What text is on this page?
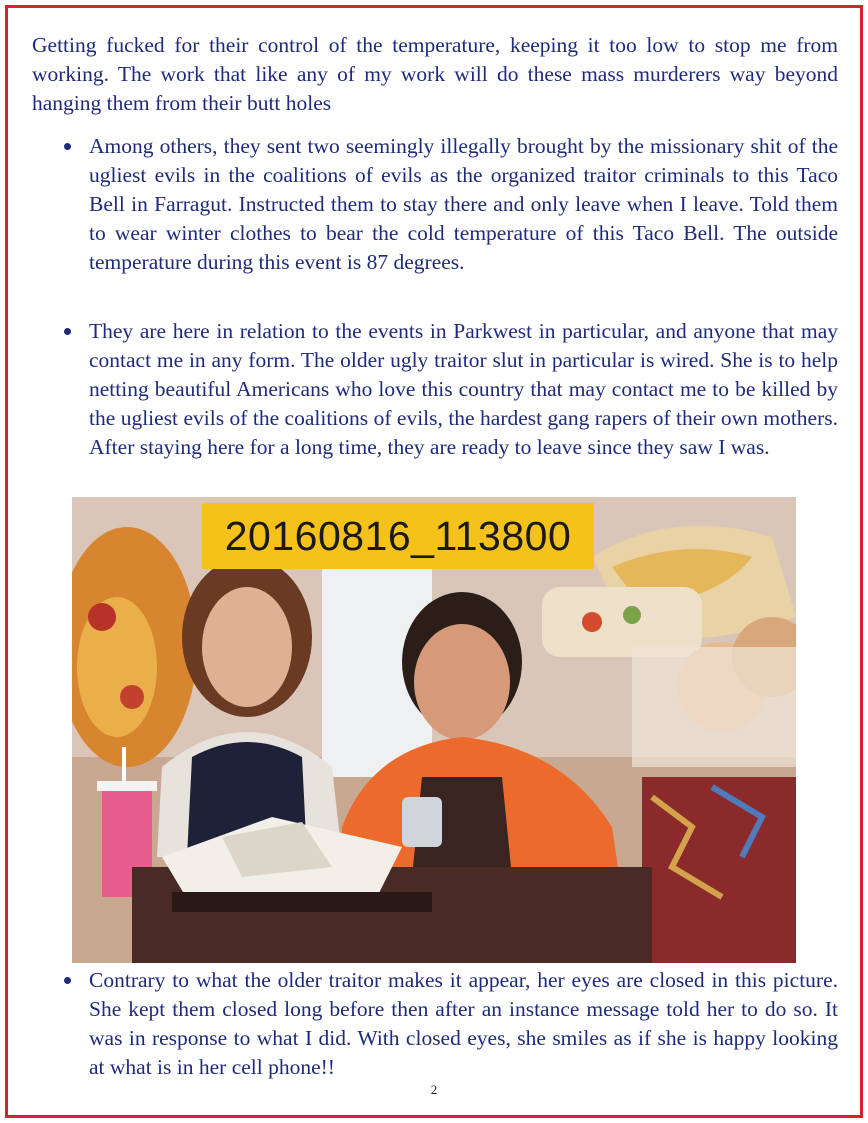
Getting fucked for their control of the temperature, keeping it too low to stop me from working. The work that like any of my work will do these mass murderers way beyond hanging them from their butt holes

Among others, they sent two seemingly illegally brought by the missionary shit of the ugliest evils in the coalitions of evils as the organized traitor criminals to this Taco Bell in Farragut. Instructed them to stay there and only leave when I leave. Told them to wear winter clothes to bear the cold temperature of this Taco Bell. The outside temperature during this event is 87 degrees.
They are here in relation to the events in Parkwest in particular, and anyone that may contact me in any form. The older ugly traitor slut in particular is wired. She is to help netting beautiful Americans who love this country that may contact me to be killed by the ugliest evils of the coalitions of evils, the hardest gang rapers of their own mothers. After staying here for a long time, they are ready to leave since they saw I was.
20160816_113800
Contrary to what the older traitor makes it appear, her eyes are closed in this picture. She kept them closed long before then after an instance message told her to do so. It was in response to what I did. With closed eyes, she smiles as if she is happy looking at what is in her cell phone!!
2
